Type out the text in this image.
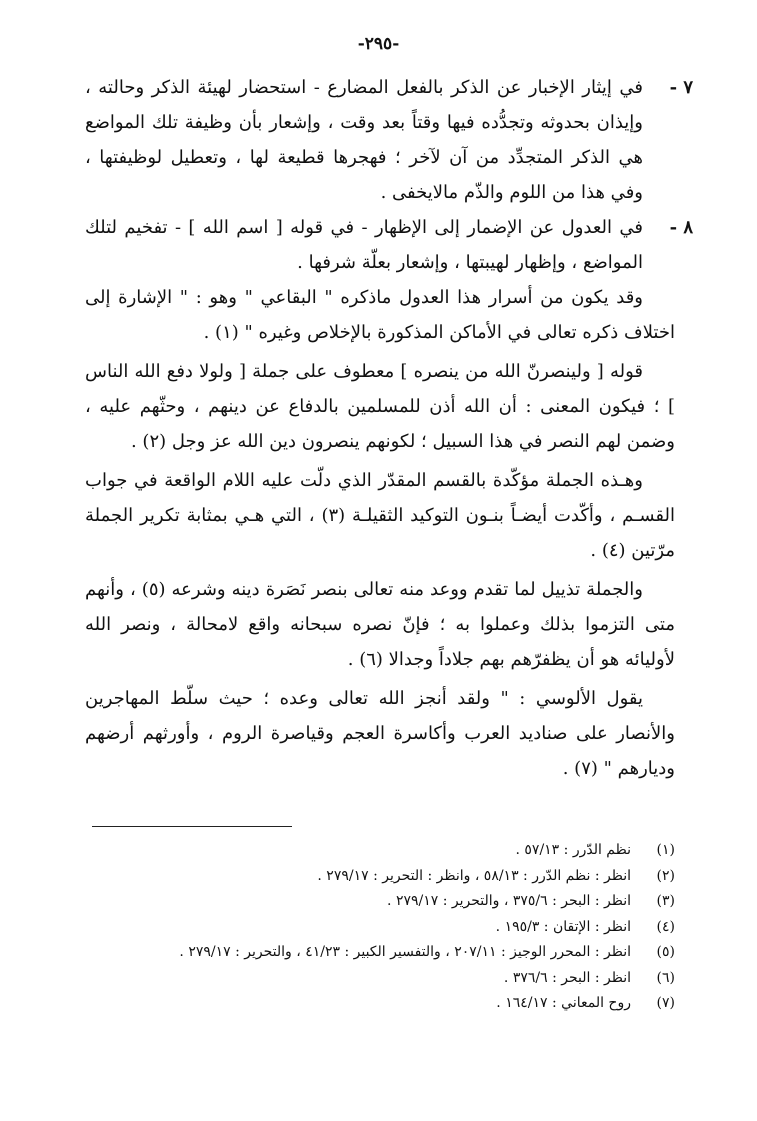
-٢٩٥-
٧ -
في إيثار الإخبار عن الذكر بالفعل المضارع - استحضار لهيئة الذكر وحالته ، وإيذان بحدوثه وتجدُّده فيها وقتاً بعد وقت ، وإشعار بأن وظيفة تلك المواضع هي الذكر المتجدِّد من آن لآخر ؛ فهجرها قطيعة لها ، وتعطيل لوظيفتها ، وفي هذا من اللوم والذّم مالايخفى .
٨ -
في العدول عن الإضمار إلى الإظهار - في قوله [ اسم الله ] - تفخيم لتلك المواضع ، وإظهار لهيبتها ، وإشعار بعلّة شرفها .

وقد يكون من أسرار هذا العدول ماذكره " البقاعي " وهو : " الإشارة إلى اختلاف ذكره تعالى في الأماكن المذكورة بالإخلاص وغيره " (١) .

قوله [ ولينصرنّ الله من ينصره ] معطوف على جملة [ ولولا دفع الله الناس ] ؛ فيكون المعنى : أن الله أذن للمسلمين بالدفاع عن دينهم ، وحثّهم عليه ، وضمن لهم النصر في هذا السبيل ؛ لكونهم ينصرون دين الله عز وجل (٢) .

وهـذه الجملة مؤكّدة بالقسم المقدّر الذي دلّت عليه اللام الواقعة في جواب القسـم ، وأكّدت أيضـاً بنـون التوكيد الثقيلـة (٣) ، التي هـي بمثابة تكرير الجملة مرّتين (٤) .

والجملة تذييل لما تقدم ووعد منه تعالى بنصر نَصَرة دينه وشرعه (٥) ، وأنهم متى التزموا بذلك وعملوا به ؛ فإنّ نصره سبحانه واقع لامحالة ، ونصر الله لأوليائه هو أن يظفرّهم بهم جلاداً وجدالا (٦) .

يقول الألوسي : " ولقد أنجز الله تعالى وعده ؛ حيث سلّط المهاجرين والأنصار على صناديد العرب وأكاسرة العجم وقياصرة الروم ، وأورثهم أرضهم وديارهم " (٧) .

(١)
نظم الدّرر : ٥٧/١٣ .
(٢)
انظر : نظم الدّرر : ٥٨/١٣ ، وانظر : التحرير : ٢٧٩/١٧ .
(٣)
انظر : البحر : ٣٧٥/٦ ، والتحرير : ٢٧٩/١٧ .
(٤)
انظر : الإتقان : ١٩٥/٣ .
(٥)
انظر : المحرر الوجيز : ٢٠٧/١١ ، والتفسير الكبير : ٤١/٢٣ ، والتحرير : ٢٧٩/١٧ .
(٦)
انظر : البحر : ٣٧٦/٦ .
(٧)
روح المعاني : ١٦٤/١٧ .
